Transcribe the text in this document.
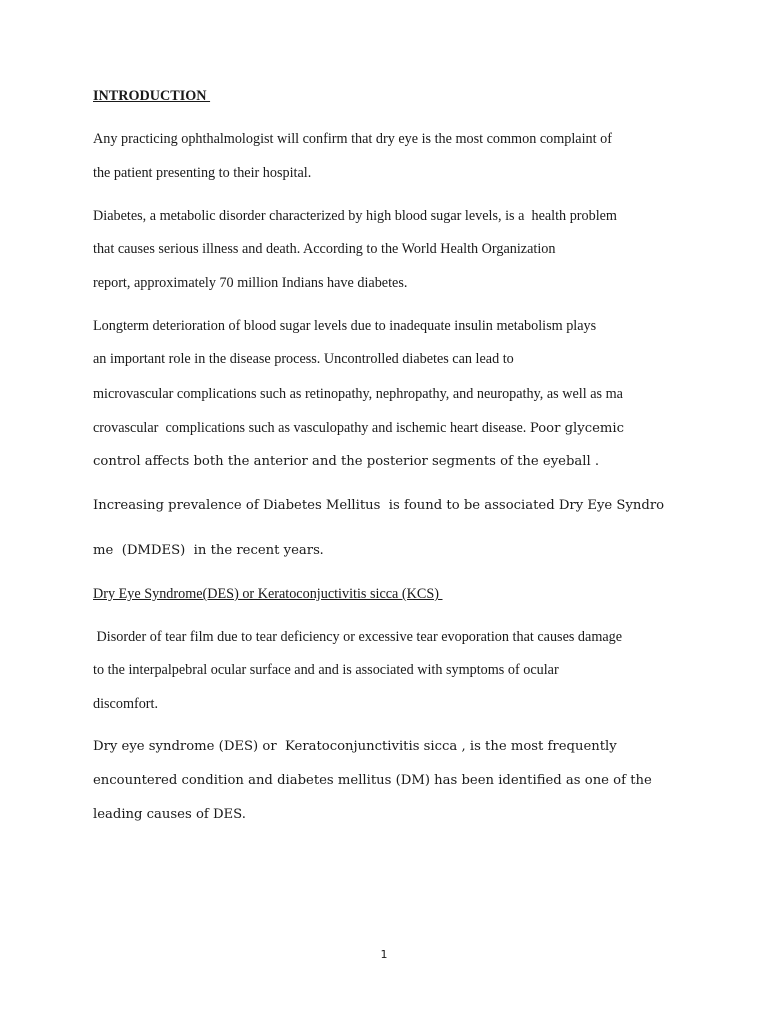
INTRODUCTION
Any practicing ophthalmologist will confirm that dry eye is the most common complaint of
the patient presenting to their hospital.
Diabetes, a metabolic disorder characterized by high blood sugar levels, is a  health problem
that causes serious illness and death. According to the World Health Organization
report, approximately 70 million Indians have diabetes.
Longterm deterioration of blood sugar levels due to inadequate insulin metabolism plays
an important role in the disease process. Uncontrolled diabetes can lead to
microvascular complications such as retinopathy, nephropathy, and neuropathy, as well as ma
crovascular  complications such as vasculopathy and ischemic heart disease. Poor glycemic
control affects both the anterior and the posterior segments of the eyeball .
Increasing prevalence of Diabetes Mellitus  is found to be associated Dry Eye Syndro
me  (DMDES)  in the recent years.
Dry Eye Syndrome(DES) or Keratoconjuctivitis sicca (KCS)
Disorder of tear film due to tear deficiency or excessive tear evoporation that causes damage
to the interpalpebral ocular surface and and is associated with symptoms of ocular
discomfort.
Dry eye syndrome (DES) or  Keratoconjunctivitis sicca , is the most frequently
encountered condition and diabetes mellitus (DM) has been identified as one of the
leading causes of DES.
1
